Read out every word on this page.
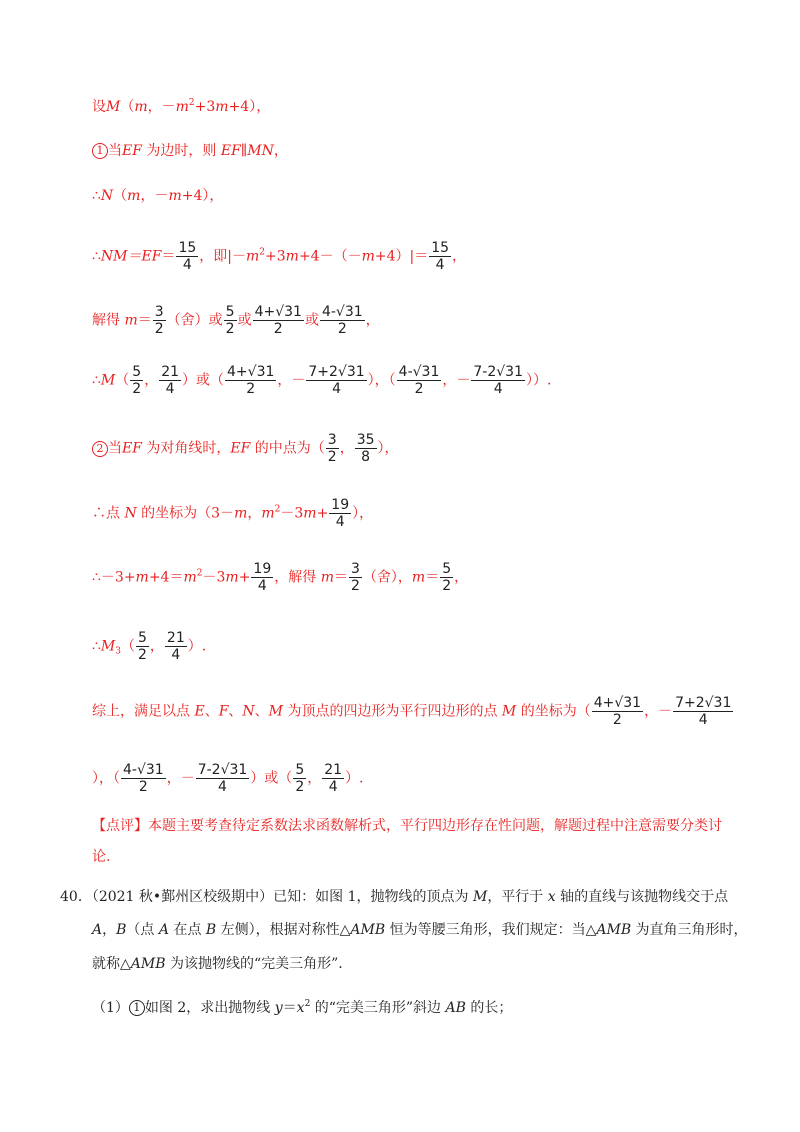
设M（m，$-m^2+3m+4$），
1 当EF 为边时，则 EF∥MN，
∴N（m，－m+4），
∴NM＝EF＝ $\frac{15}{4}$ ，即$|-m^2+3m+4-(-m+4)|= \frac{15}{4}$ ，
解得 $m= \frac{3}{2}$ （舍）或 $\frac{5}{2}$ 或 $\frac{4+√31}{2}$ 或 $\frac{4-√31}{2}$ ，
∴M（ $\frac{5}{2}$ ， $\frac{21}{4}$ ）或（ $\frac{4+√31}{2}$ ，－ $\frac{7+2√31}{4}$ ），（ $\frac{4-√31}{2}$ ，－ $\frac{7-2√31}{4}$ ））.
2 当EF 为对角线时，EF 的中点为（ $\frac{3}{2}$ ， $\frac{35}{8}$ ），
∴点 N 的坐标为（3－m，$m^2-3m+ \frac{19}{4}$ ），
$\therefore-3+m+4=m^2-3m+ \frac{19}{4}$ ，解得 $m= \frac{3}{2}$ （舍），$m= \frac{5}{2}$ ，
$\therefore M_3( \frac{5}{2}$ ， $\frac{21}{4}$ ）.
综上，满足以点 E、F、N、M 为顶点的四边形为平行四边形的点 M 的坐标为（ $\frac{4+√31}{2}$ ，－ $\frac{7+2√31}{4}$
），（ $\frac{4-√31}{2}$ ，－ $\frac{7-2√31}{4}$ ）或（ $\frac{5}{2}$ ， $\frac{21}{4}$ ）.
【点评】本题主要考查待定系数法求函数解析式，平行四边形存在性问题，解题过程中注意需要分类讨
论.
40．（2021 秋•鄞州区校级期中）已知：如图 1，抛物线的顶点为 M，平行于 x 轴的直线与该抛物线交于点
A，B（点 A 在点 B 左侧），根据对称性△AMB 恒为等腰三角形，我们规定：当△AMB 为直角三角形时，
就称△AMB 为该抛物线的“完美三角形”.
（1） 1 如图 2，求出抛物线 $y=x^2$ 的“完美三角形”斜边 AB 的长；
